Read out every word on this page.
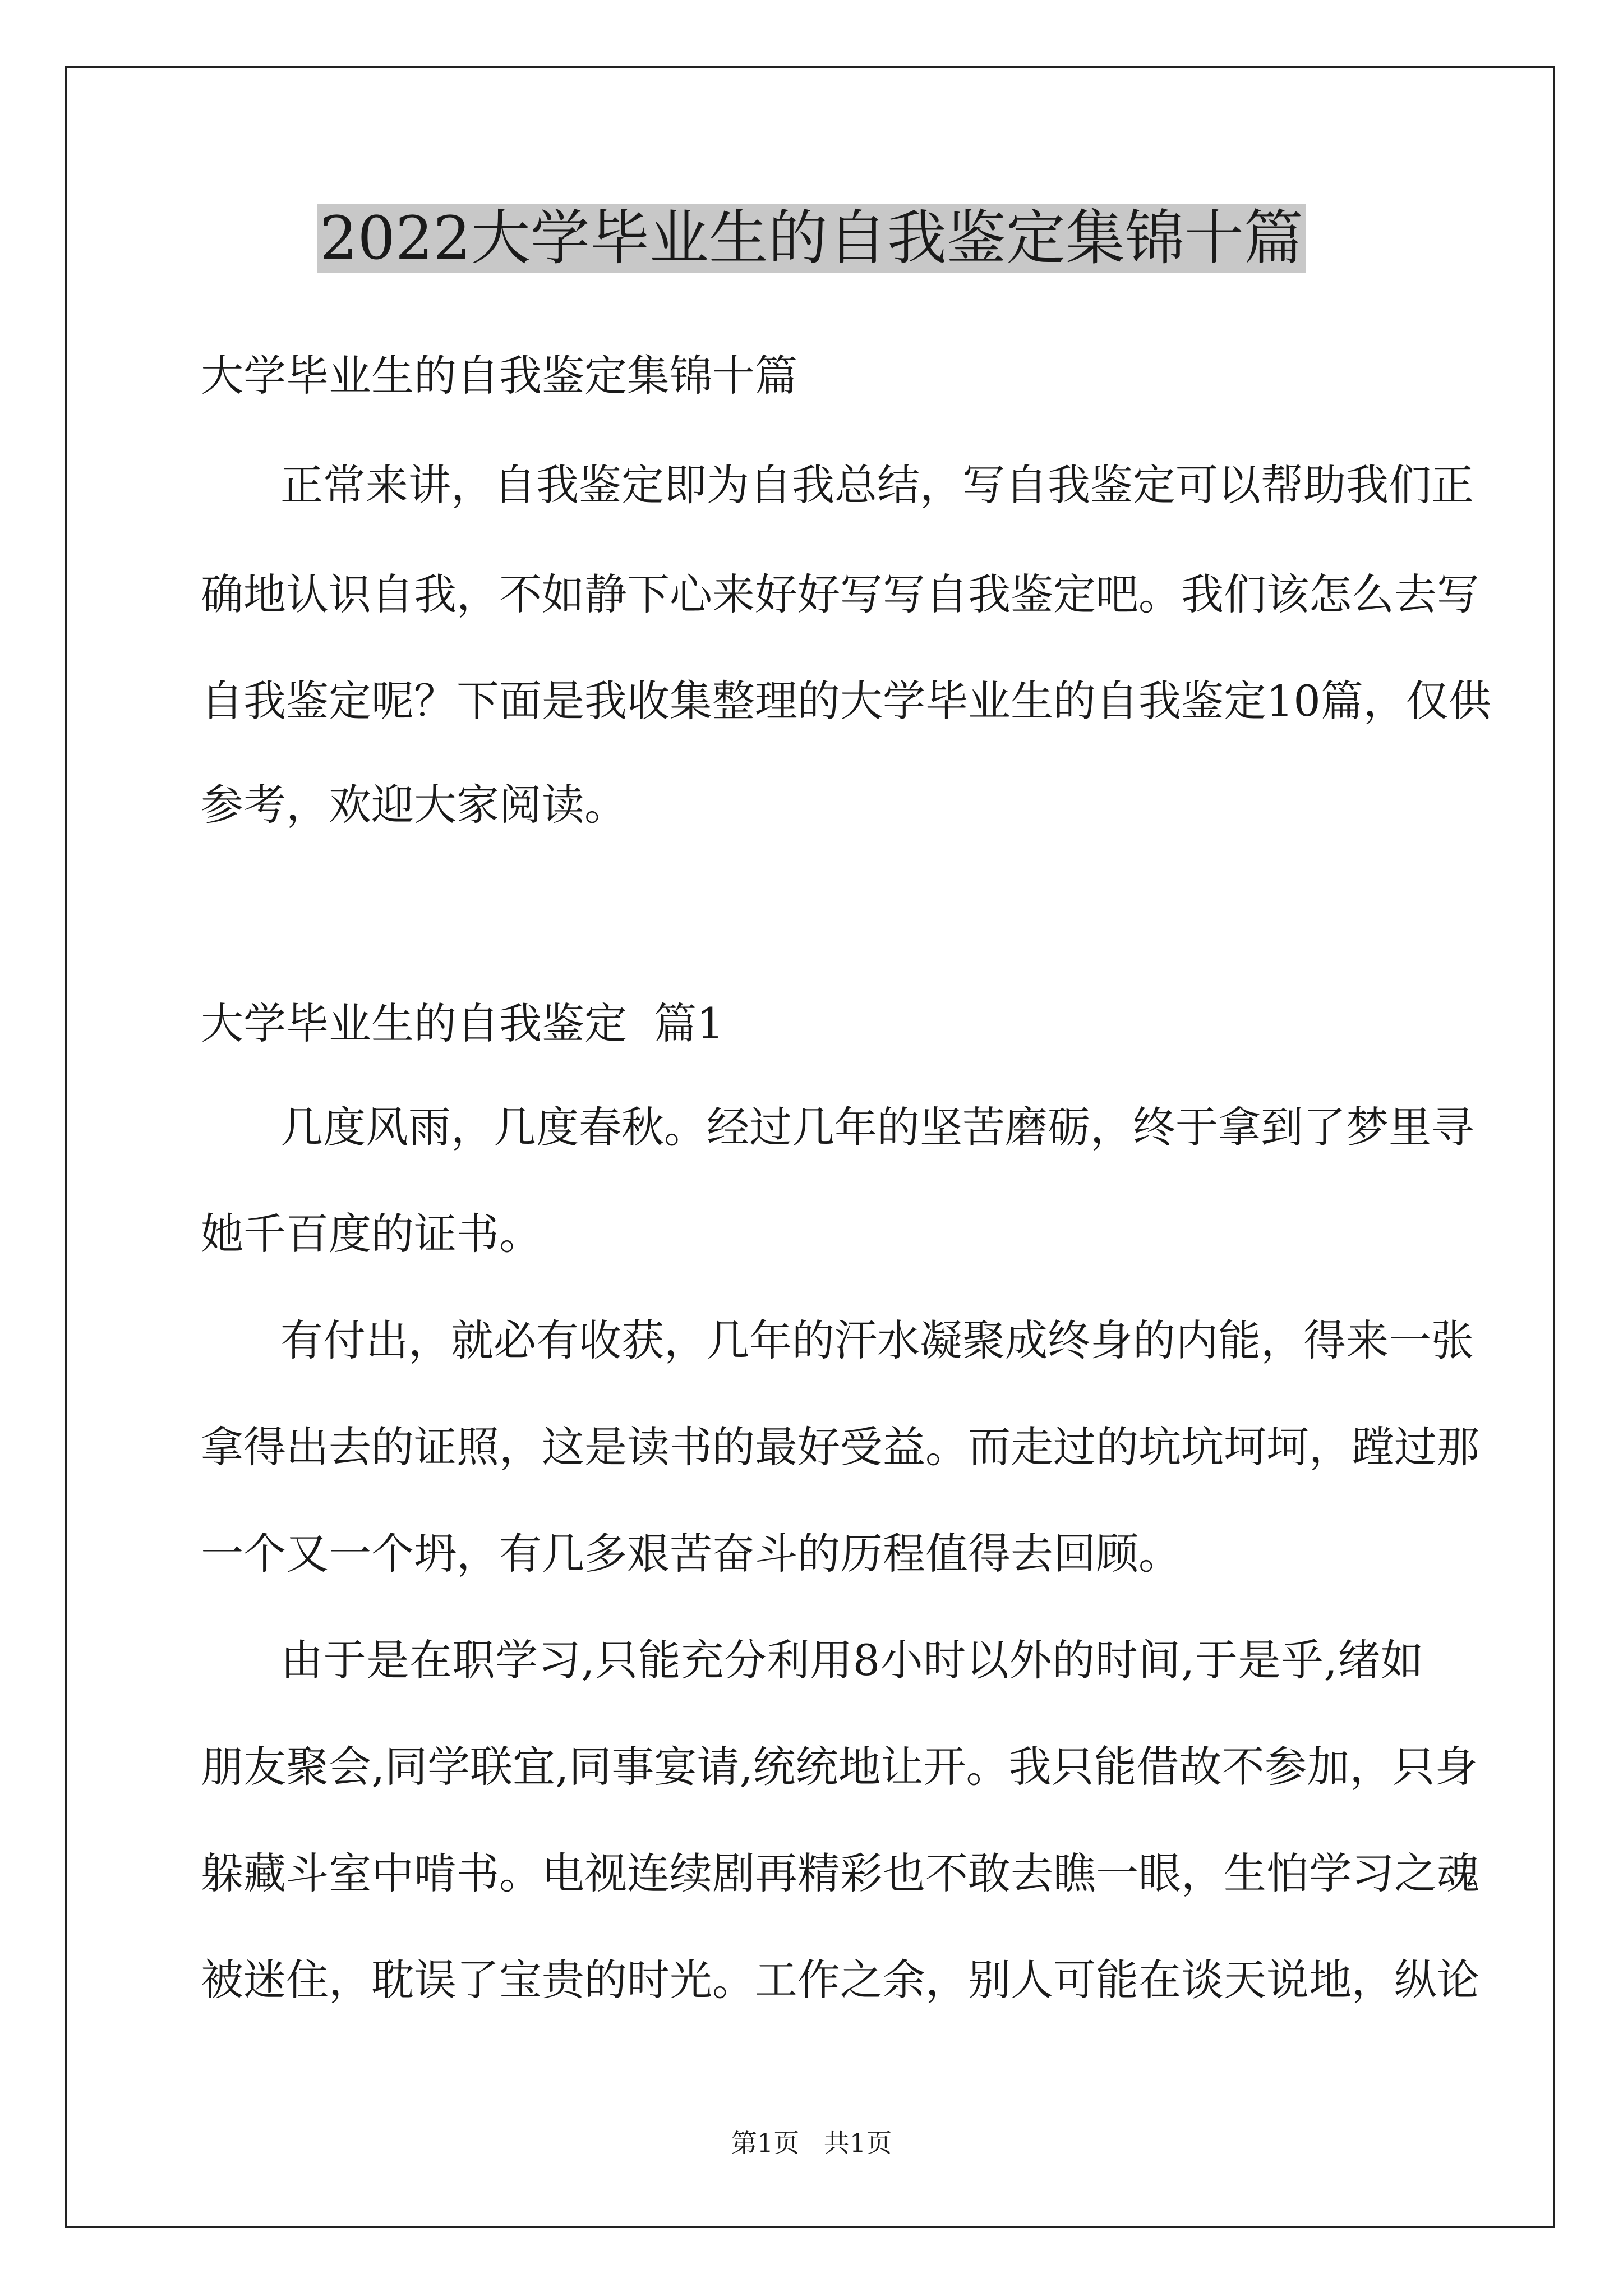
2022大学毕业生的自我鉴定集锦十篇
大学毕业生的自我鉴定集锦十篇
正常来讲，自我鉴定即为自我总结，写自我鉴定可以帮助我们正
确地认识自我，不如静下心来好好写写自我鉴定吧。我们该怎么去写
自我鉴定呢？下面是我收集整理的大学毕业生的自我鉴定10篇，仅供
参考，欢迎大家阅读。
大学毕业生的自我鉴定  篇1
几度风雨，几度春秋。经过几年的坚苦磨砺，终于拿到了梦里寻
她千百度的证书。
有付出，就必有收获，几年的汗水凝聚成终身的内能，得来一张
拿得出去的证照，这是读书的最好受益。而走过的坑坑坷坷，蹚过那
一个又一个坍，有几多艰苦奋斗的历程值得去回顾。
由于是在职学习,只能充分利用8小时以外的时间,于是乎,绪如
朋友聚会,同学联宜,同事宴请,统统地让开。我只能借故不参加，只身
躲藏斗室中啃书。电视连续剧再精彩也不敢去瞧一眼，生怕学习之魂
被迷住，耽误了宝贵的时光。工作之余，别人可能在谈天说地，纵论
第1页   共1页
